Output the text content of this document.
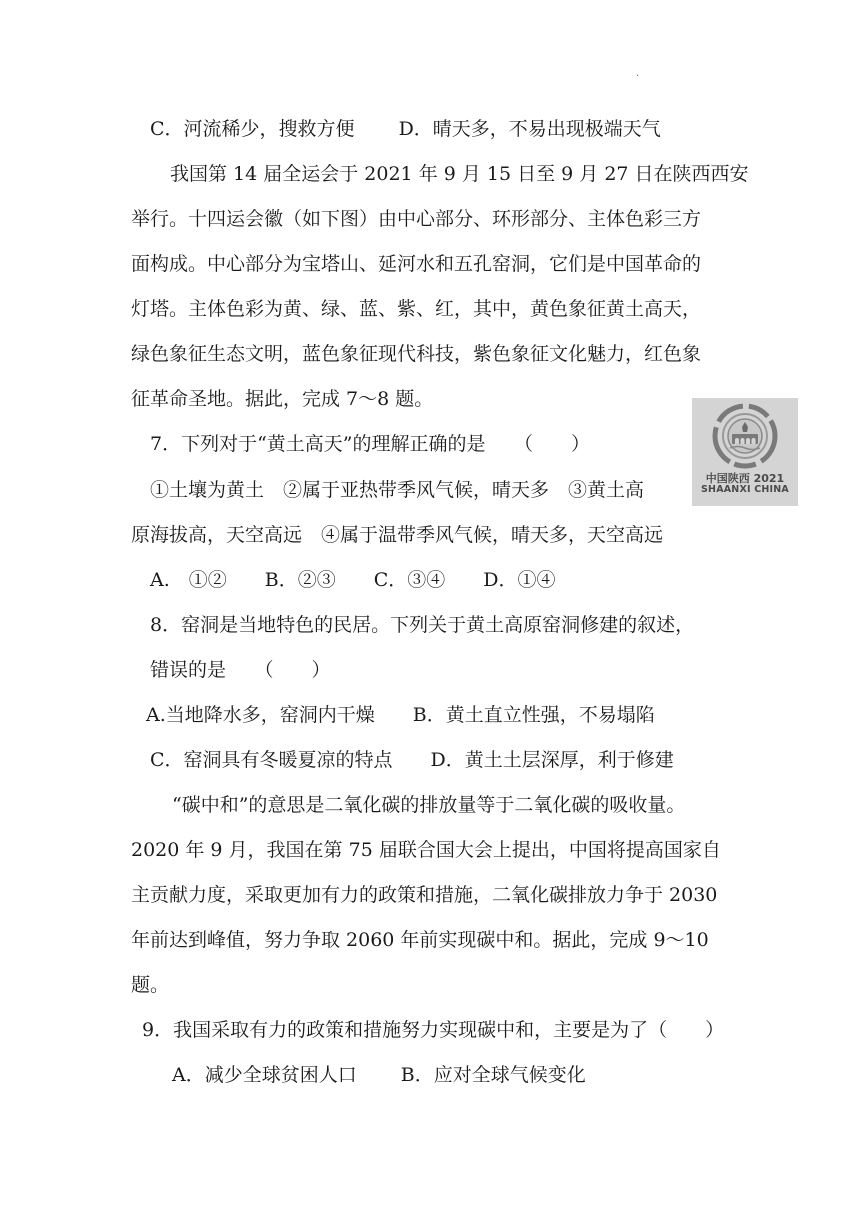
.
C．河流稀少，搜救方便　　 D．晴天多，不易出现极端天气
我国第 14 届全运会于 2021 年 9 月 15 日至 9 月 27 日在陕西西安
举行。十四运会徽（如下图）由中心部分、环形部分、主体色彩三方
面构成。中心部分为宝塔山、延河水和五孔窑洞，它们是中国革命的
灯塔。主体色彩为黄、绿、蓝、紫、红，其中，黄色象征黄土高天，
绿色象征生态文明，蓝色象征现代科技，紫色象征文化魅力，红色象
征革命圣地。据此，完成 7～8 题。
7．下列对于“黄土高天”的理解正确的是　　（　　）
①土壤为黄土　②属于亚热带季风气候，晴天多　③黄土高
原海拔高，天空高远　④属于温带季风气候，晴天多，天空高远
A.　①②　　B．②③　　C．③④　　D．①④
8．窑洞是当地特色的民居。下列关于黄土高原窑洞修建的叙述，
错误的是　　（　　）
A.当地降水多，窑洞内干燥　　B．黄土直立性强，不易塌陷
C．窑洞具有冬暖夏凉的特点　　D．黄土土层深厚，利于修建
“碳中和”的意思是二氧化碳的排放量等于二氧化碳的吸收量。
2020 年 9 月，我国在第 75 届联合国大会上提出，中国将提高国家自
主贡献力度，采取更加有力的政策和措施，二氧化碳排放力争于 2030
年前达到峰值，努力争取 2060 年前实现碳中和。据此，完成 9～10
题。
9．我国采取有力的政策和措施努力实现碳中和，主要是为了（　　）
A．减少全球贫困人口　　 B．应对全球气候变化
中国陕西 2021
SHAANXI CHINA
